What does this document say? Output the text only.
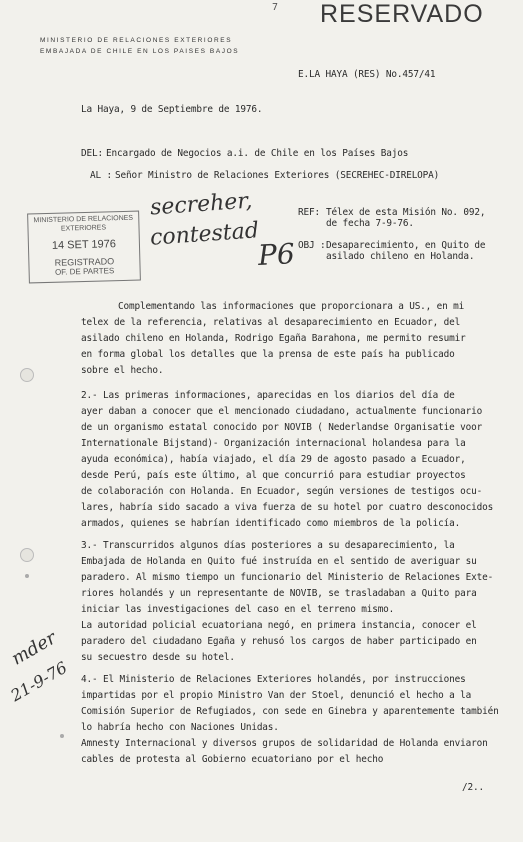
7 RESERVADO
MINISTERIO DE RELACIONES EXTERIORES
EMBAJADA DE CHILE EN LOS PAISES BAJOS
E.LA HAYA (RES) No.457/41
La Haya, 9 de Septiembre de 1976.
DEL: Encargado de Negocios a.i. de Chile en los Países Bajos
AL : Señor Ministro de Relaciones Exteriores (SECREHEC-DIRELOPA)
MINISTERIO DE RELACIONES
EXTERIORES
14 SET 1976
REGISTRADO
OF. DE PARTES
secreher,
contestad
P6
REF: Télex de esta Misión No. 092,
de fecha 7-9-76.
OBJ : Desaparecimiento, en Quito de
asilado chileno en Holanda.
Complementando las informaciones que proporcionara a US., en mi
telex de la referencia, relativas al desaparecimiento en Ecuador, del
asilado chileno en Holanda, Rodrigo Egaña Barahona, me permito resumir
en forma global los detalles que la prensa de este país ha publicado
sobre el hecho.
2.- Las primeras informaciones, aparecidas en los diarios del día de
ayer daban a conocer que el mencionado ciudadano, actualmente funcionario
de un organismo estatal conocido por NOVIB ( Nederlandse Organisatie voor
Internationale Bijstand)- Organización internacional holandesa para la
ayuda económica), había viajado, el día 29 de agosto pasado a Ecuador,
desde Perú, país este último, al que concurrió para estudiar proyectos
de colaboración con Holanda. En Ecuador, según versiones de testigos ocu-
lares, habría sido sacado a viva fuerza de su hotel por cuatro desconocidos
armados, quienes se habrían identificado como miembros de la policía.
3.- Transcurridos algunos días posteriores a su desaparecimiento, la
Embajada de Holanda en Quito fué instruída en el sentido de averiguar su
paradero. Al mismo tiempo un funcionario del Ministerio de Relaciones Exte-
riores holandés y un representante de NOVIB, se trasladaban a Quito para
iniciar las investigaciones del caso en el terreno mismo.
La autoridad policial ecuatoriana negó, en primera instancia, conocer el
paradero del ciudadano Egaña y rehusó los cargos de haber participado en
su secuestro desde su hotel.
4.- El Ministerio de Relaciones Exteriores holandés, por instrucciones
impartidas por el propio Ministro Van der Stoel, denunció el hecho a la
Comisión Superior de Refugiados, con sede en Ginebra y aparentemente también
lo habría hecho con Naciones Unidas.
Amnesty Internacional y diversos grupos de solidaridad de Holanda enviaron
cables de protesta al Gobierno ecuatoriano por el hecho
mder
21-9-76
/2..
